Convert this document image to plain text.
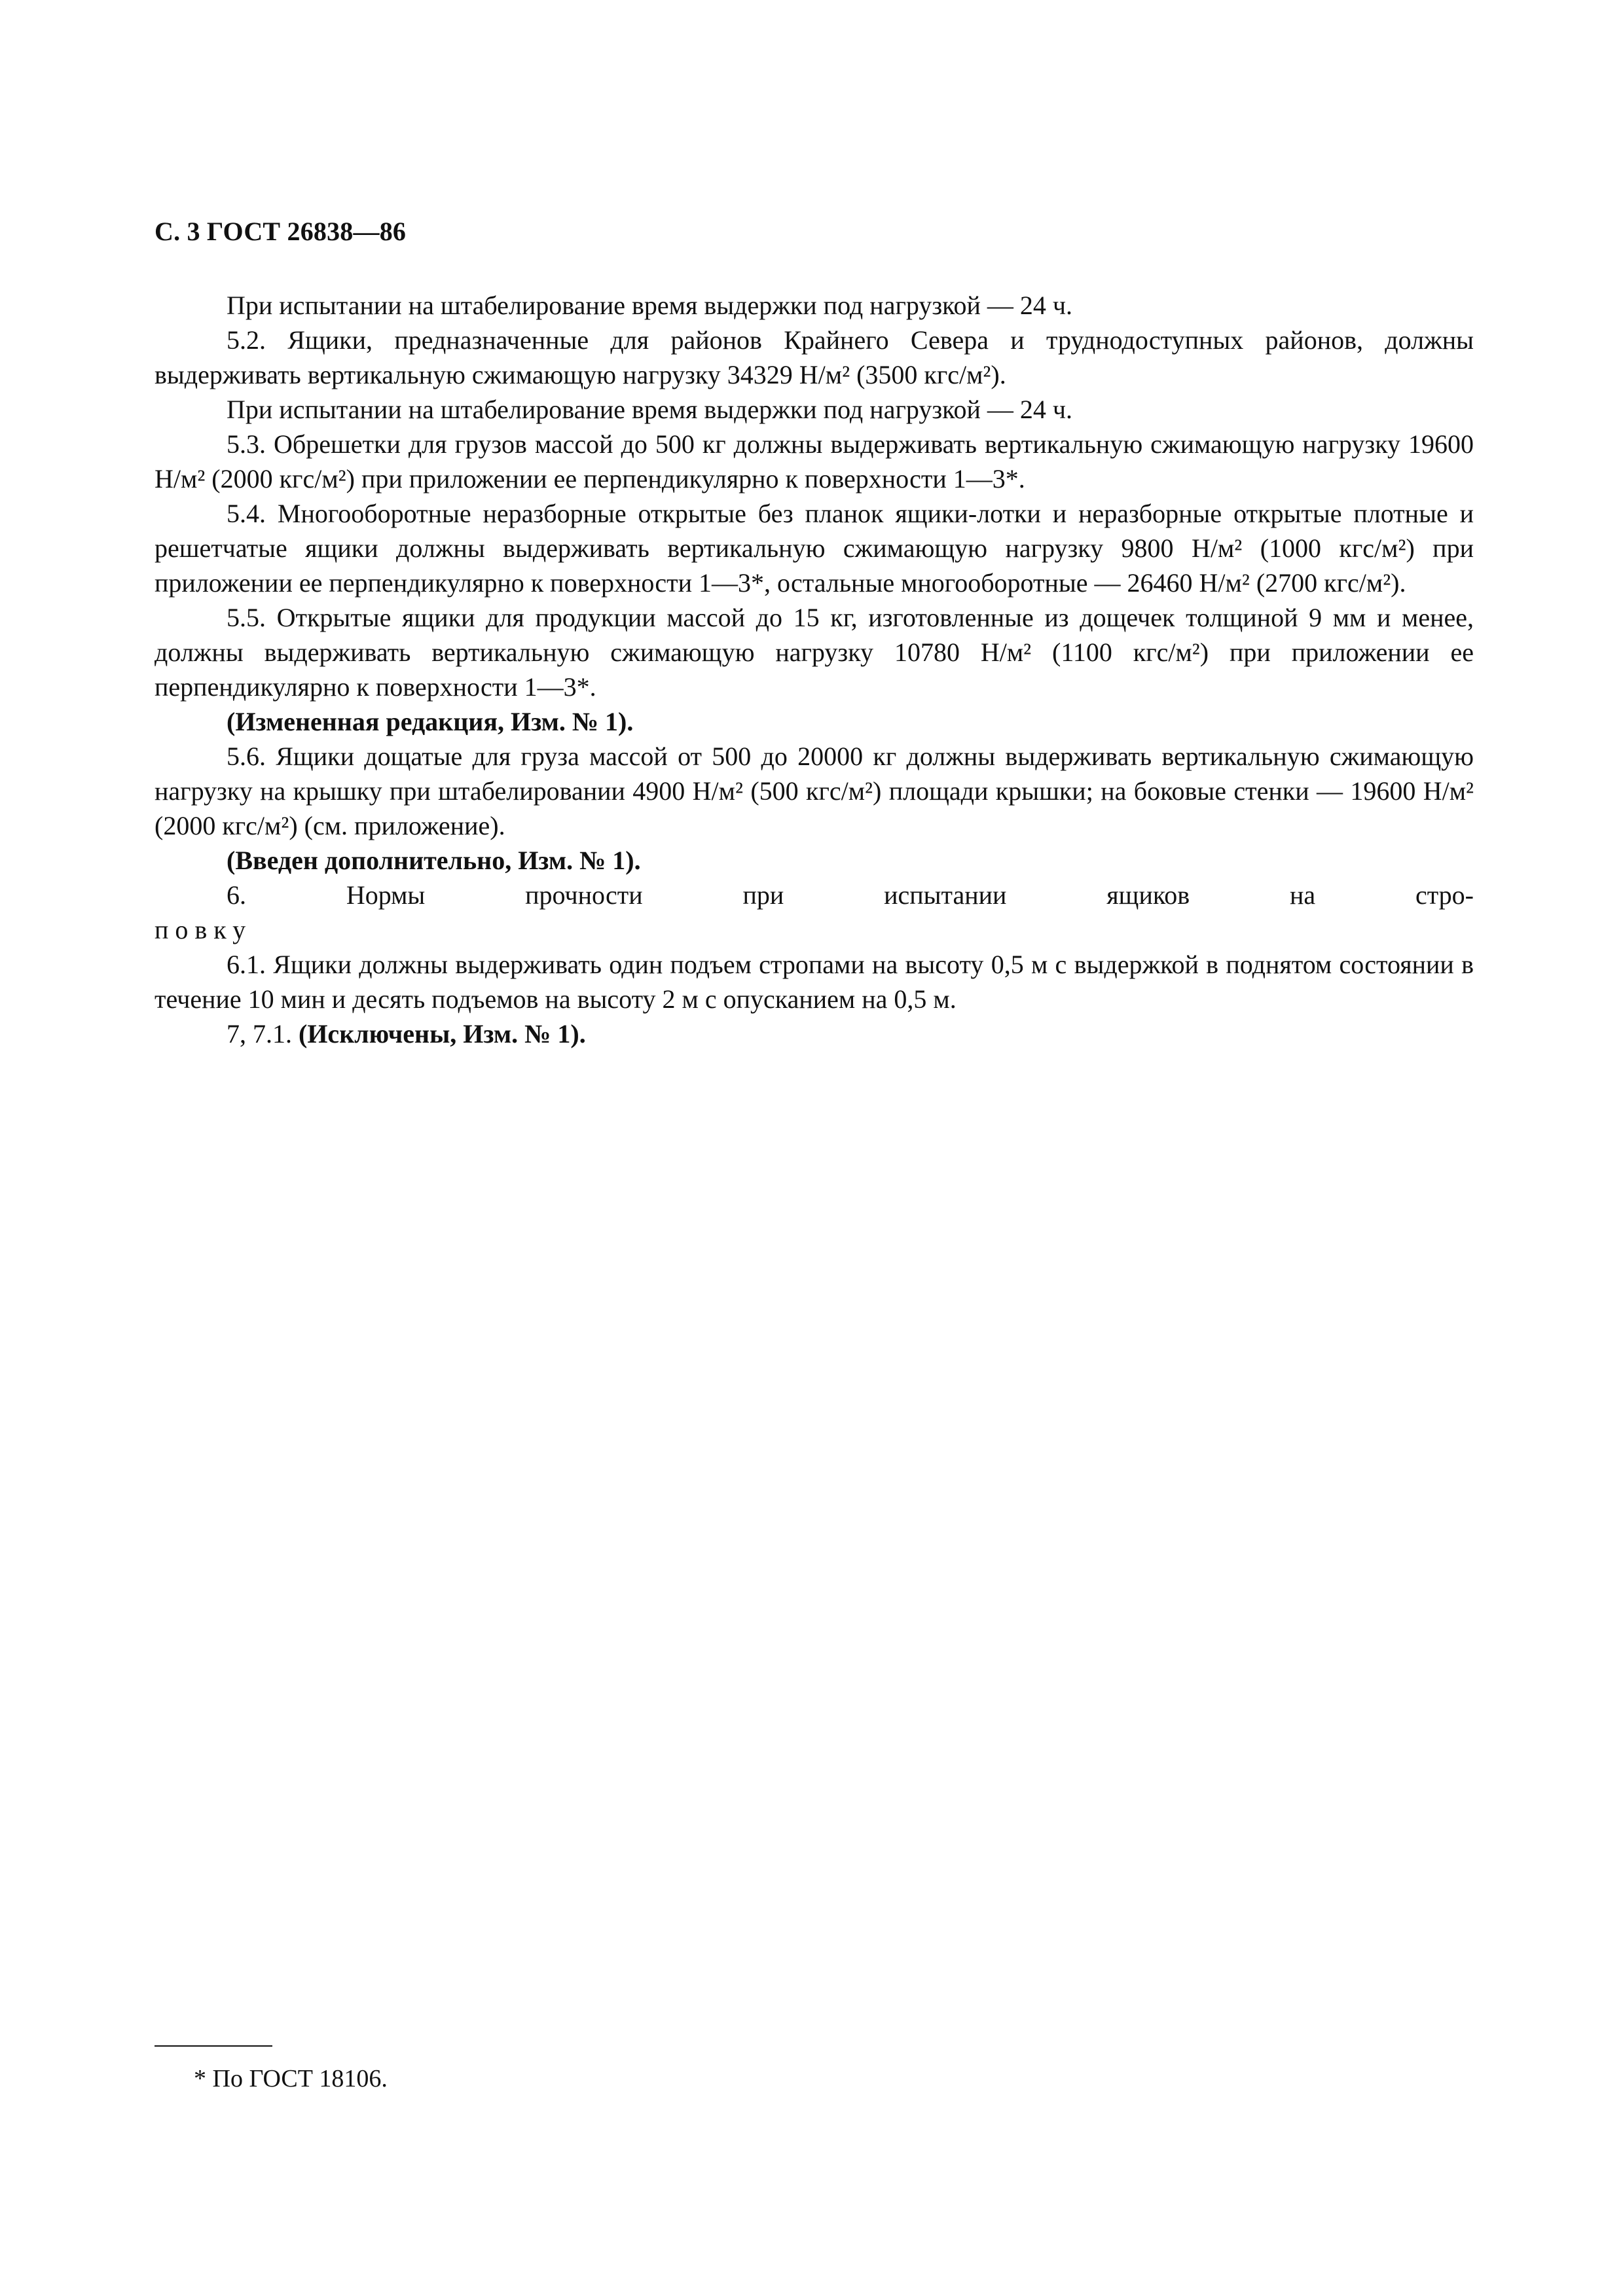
С. 3 ГОСТ 26838—86

При испытании на штабелирование время выдержки под нагрузкой — 24 ч.

5.2. Ящики, предназначенные для районов Крайнего Севера и труднодоступных районов, должны выдерживать вертикальную сжимающую нагрузку 34329 Н/м² (3500 кгс/м²).

При испытании на штабелирование время выдержки под нагрузкой — 24 ч.

5.3. Обрешетки для грузов массой до 500 кг должны выдерживать вертикальную сжимающую нагрузку 19600 Н/м² (2000 кгс/м²) при приложении ее перпендикулярно к поверхности 1—3*.

5.4. Многооборотные неразборные открытые без планок ящики-лотки и неразборные открытые плотные и решетчатые ящики должны выдерживать вертикальную сжимающую нагрузку 9800 Н/м² (1000 кгс/м²) при приложении ее перпендикулярно к поверхности 1—3*, остальные многооборотные — 26460 Н/м² (2700 кгс/м²).

5.5. Открытые ящики для продукции массой до 15 кг, изготовленные из дощечек толщиной 9 мм и менее, должны выдерживать вертикальную сжимающую нагрузку 10780 Н/м² (1100 кгс/м²) при приложении ее перпендикулярно к поверхности 1—3*.

(Измененная редакция, Изм. № 1).

5.6. Ящики дощатые для груза массой от 500 до 20000 кг должны выдерживать вертикальную сжимающую нагрузку на крышку при штабелировании 4900 Н/м² (500 кгс/м²) площади крышки; на боковые стенки — 19600 Н/м² (2000 кгс/м²) (см. приложение).

(Введен дополнительно, Изм. № 1).

6. Нормы прочности при испытании ящиков на стро-

повку

6.1. Ящики должны выдерживать один подъем стропами на высоту 0,5 м с выдержкой в поднятом состоянии в течение 10 мин и десять подъемов на высоту 2 м с опусканием на 0,5 м.

7, 7.1. (Исключены, Изм. № 1).

* По ГОСТ 18106.
